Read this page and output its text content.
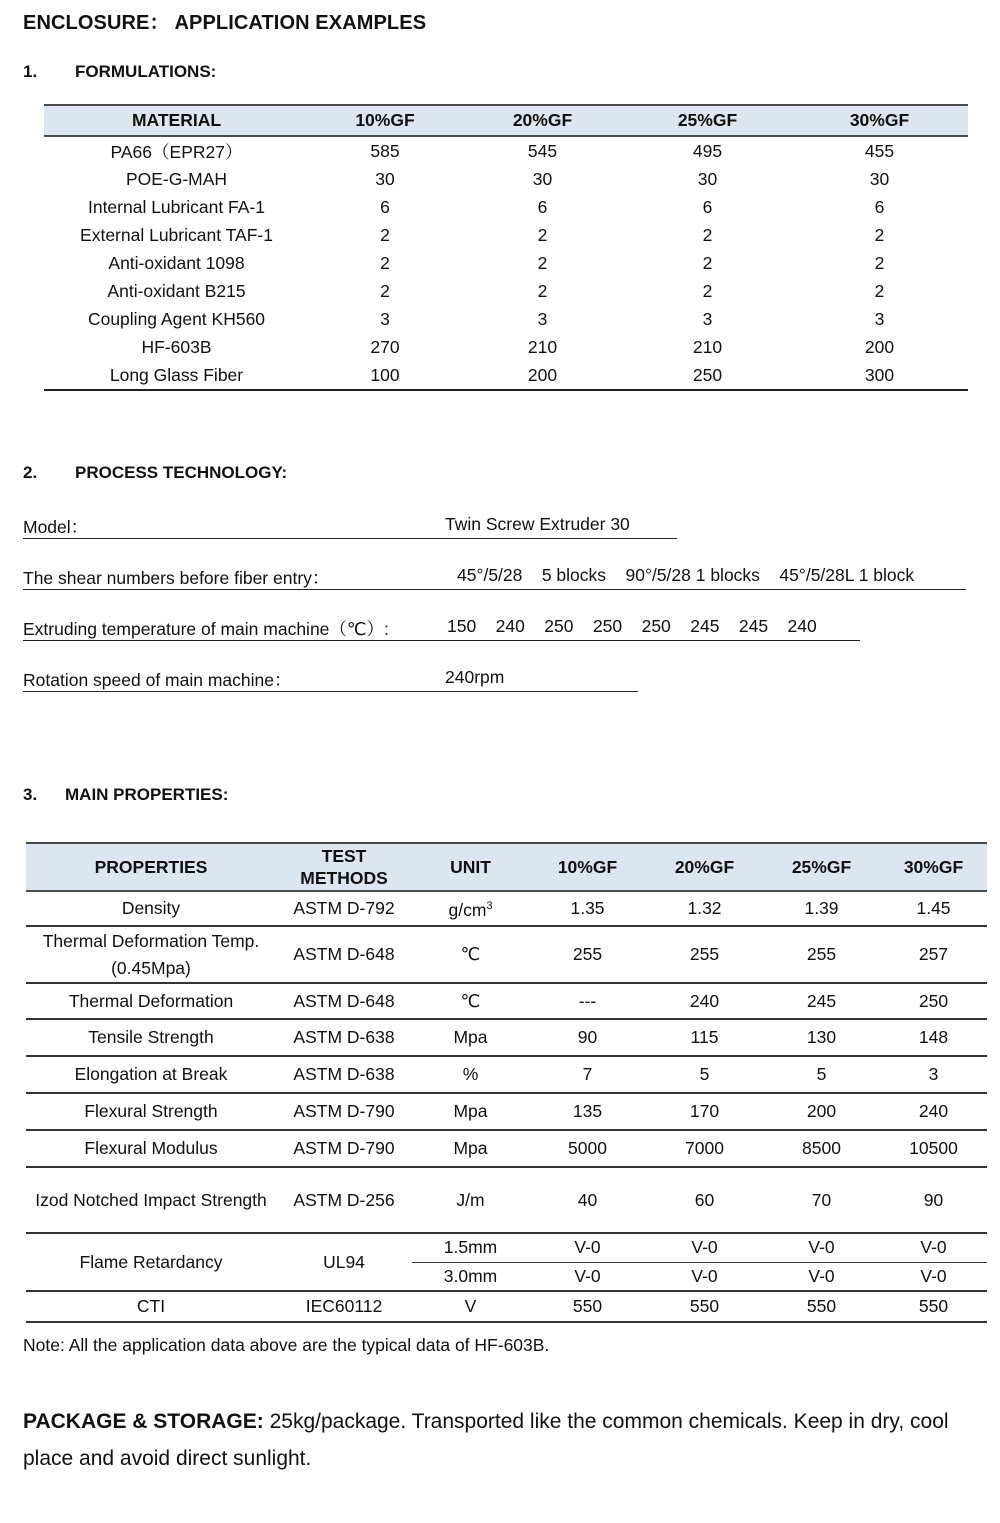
ENCLOSURE： APPLICATION EXAMPLES
1. FORMULATIONS:
MATERIAL	10%GF	20%GF	25%GF	30%GF
PA66（EPR27）	585	545	495	455
POE-G-MAH	30	30	30	30
Internal Lubricant FA-1	6	6	6	6
External Lubricant TAF-1	2	2	2	2
Anti-oxidant 1098	2	2	2	2
Anti-oxidant B215	2	2	2	2
Coupling Agent KH560	3	3	3	3
HF-603B	270	210	210	200
Long Glass Fiber	100	200	250	300
2. PROCESS TECHNOLOGY:
Model：	Twin Screw Extruder 30
The shear numbers before fiber entry：	45°/5/28    5 blocks    90°/5/28 1 blocks    45°/5/28L 1 block
Extruding temperature of main machine（℃）:	150    240    250    250    250    245    245    240
Rotation speed of main machine：	240rpm
3. MAIN PROPERTIES:
PROPERTIES	TEST METHODS	UNIT	10%GF	20%GF	25%GF	30%GF
Density	ASTM D-792	$g/cm^3$	1.35	1.32	1.39	1.45
Thermal Deformation Temp. (0.45Mpa)	ASTM D-648	℃	255	255	255	257
Thermal Deformation	ASTM D-648	℃	---	240	245	250
Tensile Strength	ASTM D-638	Mpa	90	115	130	148
Elongation at Break	ASTM D-638	%	7	5	5	3
Flexural Strength	ASTM D-790	Mpa	135	170	200	240
Flexural Modulus	ASTM D-790	Mpa	5000	7000	8500	10500
Izod Notched Impact Strength	ASTM D-256	J/m	40	60	70	90
Flame Retardancy	UL94	1.5mm	V-0	V-0	V-0	V-0
		3.0mm	V-0	V-0	V-0	V-0
CTI	IEC60112	V	550	550	550	550
Note: All the application data above are the typical data of HF-603B.
PACKAGE & STORAGE: 25kg/package. Transported like the common chemicals. Keep in dry, cool place and avoid direct sunlight.
